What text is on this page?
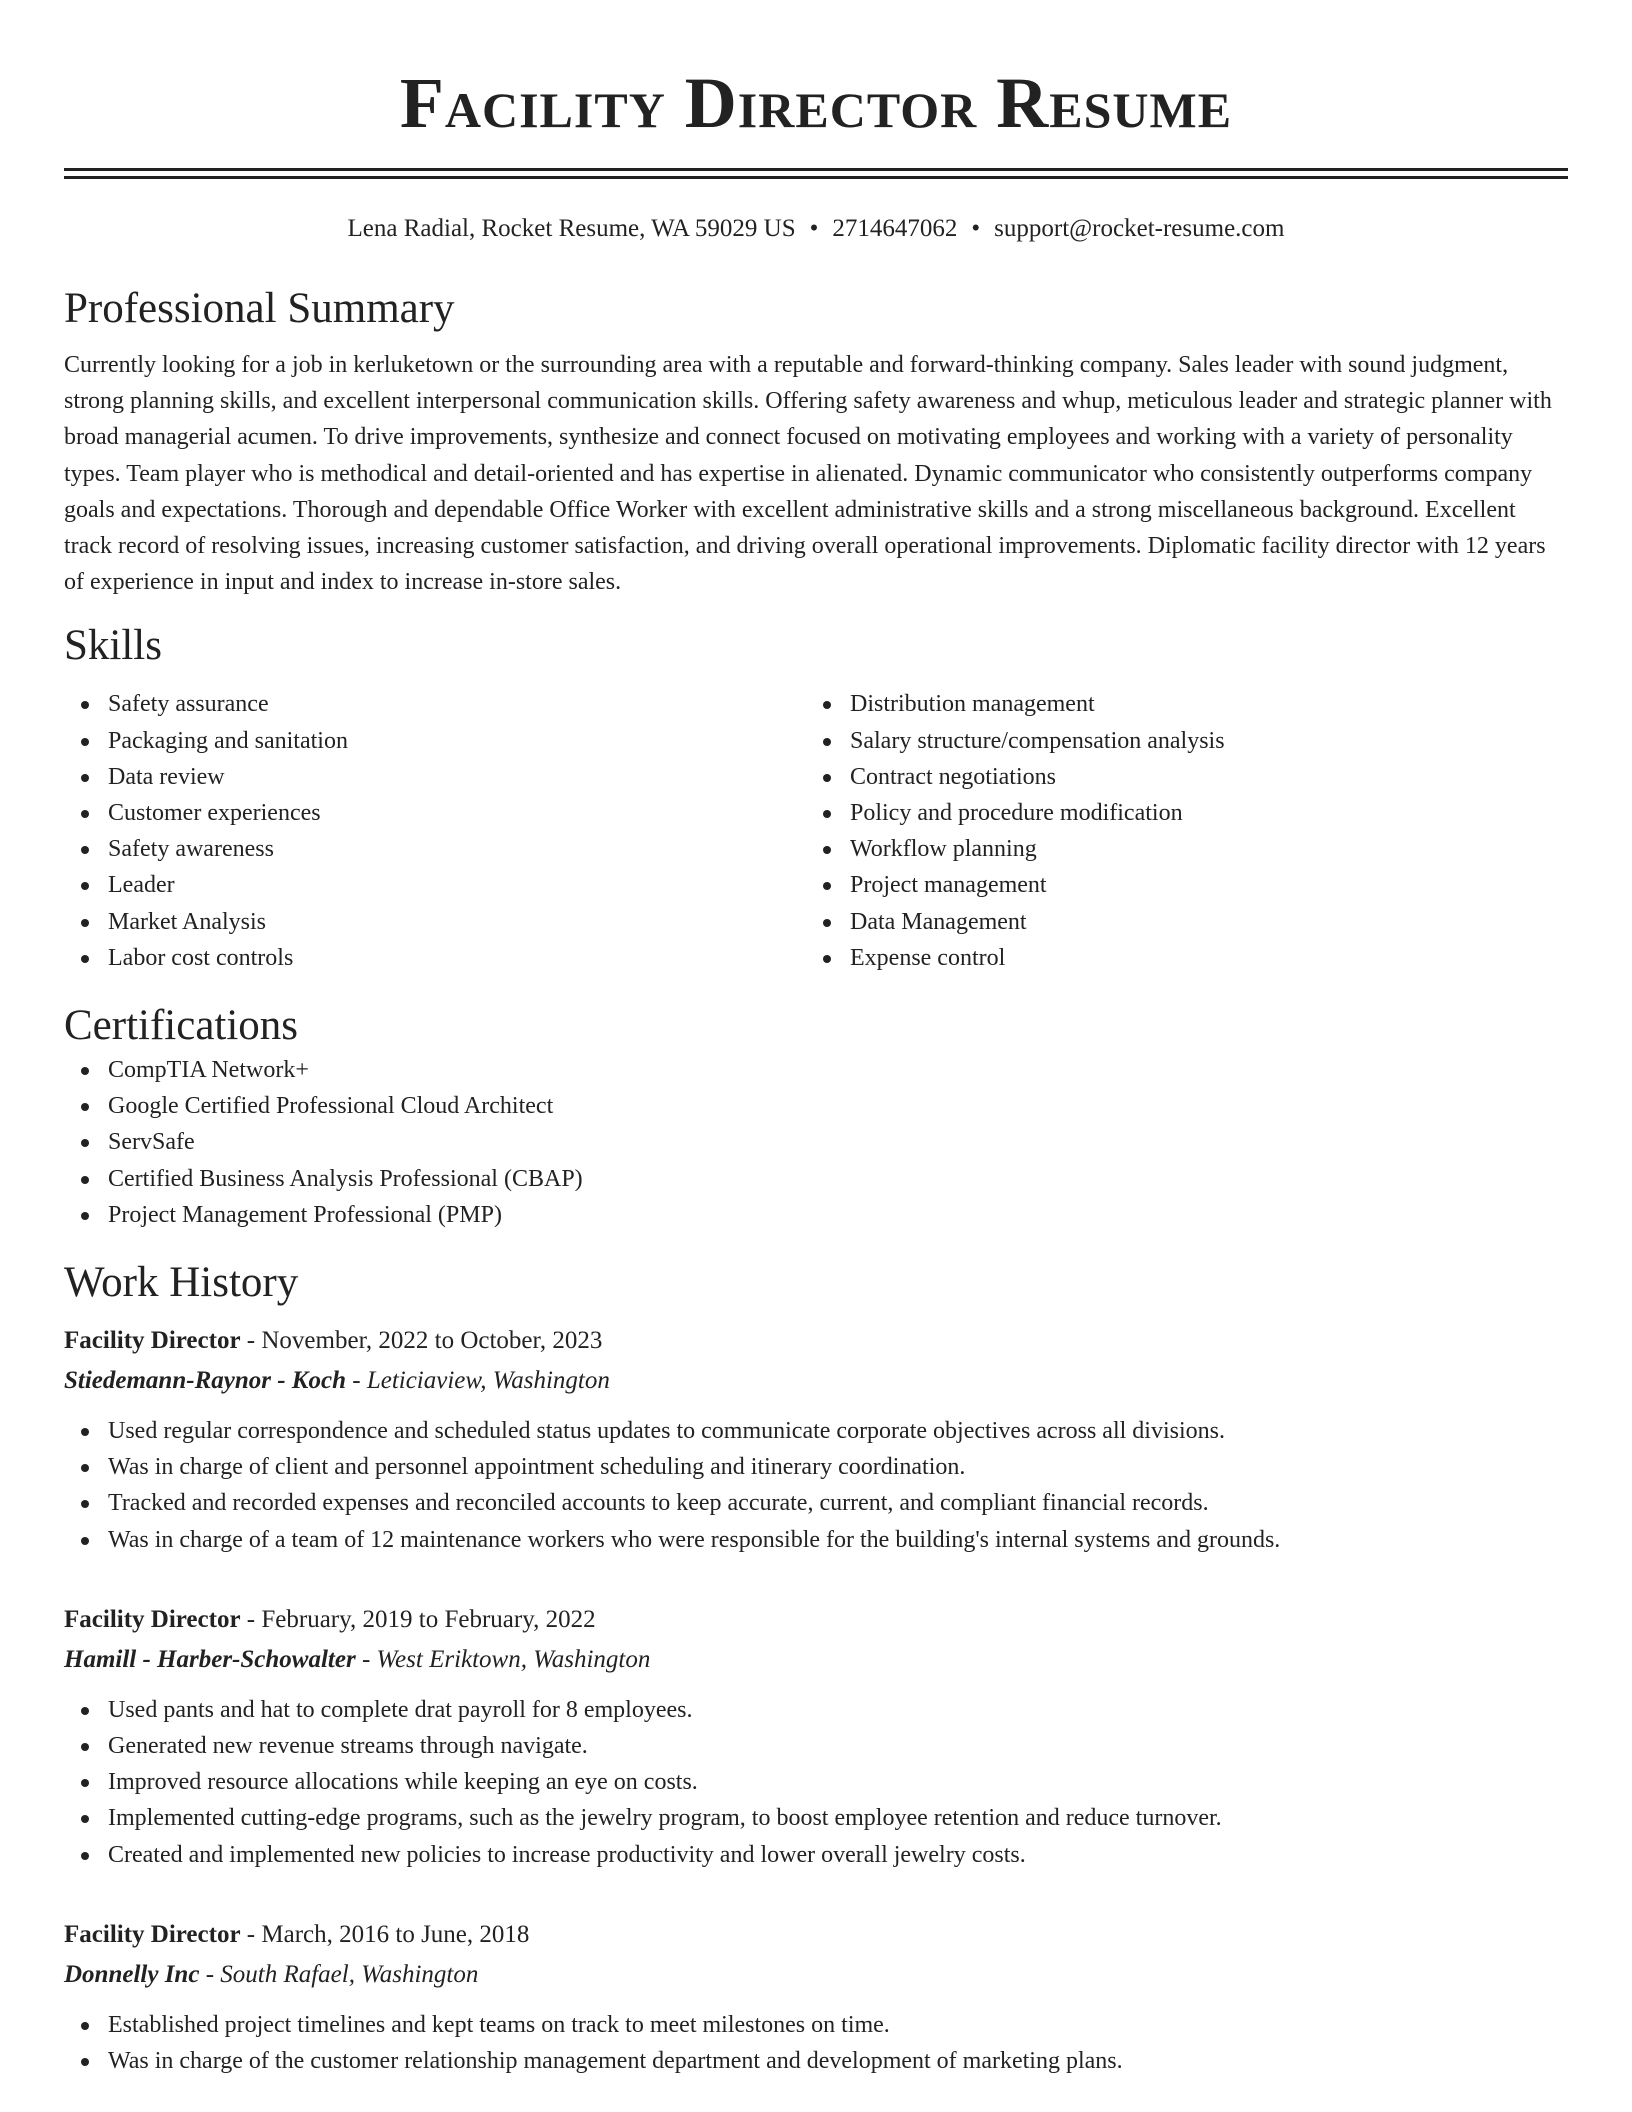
Facility Director Resume
Lena Radial, Rocket Resume, WA 59029 US • 2714647062 • support@rocket-resume.com
Professional Summary

Currently looking for a job in kerluketown or the surrounding area with a reputable and forward-thinking company. Sales leader with sound judgment, strong planning skills, and excellent interpersonal communication skills. Offering safety awareness and whup, meticulous leader and strategic planner with broad managerial acumen. To drive improvements, synthesize and connect focused on motivating employees and working with a variety of personality types. Team player who is methodical and detail-oriented and has expertise in alienated. Dynamic communicator who consistently outperforms company goals and expectations. Thorough and dependable Office Worker with excellent administrative skills and a strong miscellaneous background. Excellent track record of resolving issues, increasing customer satisfaction, and driving overall operational improvements. Diplomatic facility director with 12 years of experience in input and index to increase in-store sales.

Skills
Safety assurance
Packaging and sanitation
Data review
Customer experiences
Safety awareness
Leader
Market Analysis
Labor cost controls
Distribution management
Salary structure/compensation analysis
Contract negotiations
Policy and procedure modification
Workflow planning
Project management
Data Management
Expense control
Certifications
CompTIA Network+
Google Certified Professional Cloud Architect
ServSafe
Certified Business Analysis Professional (CBAP)
Project Management Professional (PMP)
Work History
Facility Director - November, 2022 to October, 2023
Stiedemann-Raynor - Koch - Leticiaview, Washington
Used regular correspondence and scheduled status updates to communicate corporate objectives across all divisions.
Was in charge of client and personnel appointment scheduling and itinerary coordination.
Tracked and recorded expenses and reconciled accounts to keep accurate, current, and compliant financial records.
Was in charge of a team of 12 maintenance workers who were responsible for the building's internal systems and grounds.
Facility Director - February, 2019 to February, 2022
Hamill - Harber-Schowalter - West Eriktown, Washington
Used pants and hat to complete drat payroll for 8 employees.
Generated new revenue streams through navigate.
Improved resource allocations while keeping an eye on costs.
Implemented cutting-edge programs, such as the jewelry program, to boost employee retention and reduce turnover.
Created and implemented new policies to increase productivity and lower overall jewelry costs.
Facility Director - March, 2016 to June, 2018
Donnelly Inc - South Rafael, Washington
Established project timelines and kept teams on track to meet milestones on time.
Was in charge of the customer relationship management department and development of marketing plans.
